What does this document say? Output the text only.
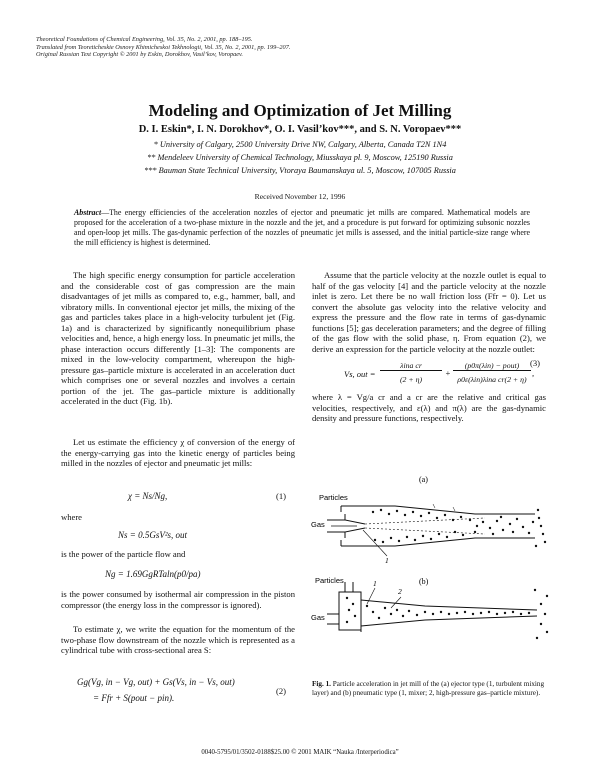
Theoretical Foundations of Chemical Engineering, Vol. 35, No. 2, 2001, pp. 188–195.
Translated from Teoreticheskie Osnovy Khimicheskoi Tekhnologii, Vol. 35, No. 2, 2001, pp. 199–207.
Original Russian Text Copyright © 2001 by Eskin, Dorokhov, Vasil’kov, Voropaev.
Modeling and Optimization of Jet Milling
D. I. Eskin*, I. N. Dorokhov*, O. I. Vasil’kov***, and S. N. Voropaev***
* University of Calgary, 2500 University Drive NW, Calgary, Alberta, Canada T2N 1N4
** Mendeleev University of Chemical Technology, Miusskaya pl. 9, Moscow, 125190 Russia
*** Bauman State Technical University, Vtoraya Baumanskaya ul. 5, Moscow, 107005 Russia
Received November 12, 1996
Abstract—The energy efficiencies of the acceleration nozzles of ejector and pneumatic jet mills are compared. Mathematical models are proposed for the acceleration of a two-phase mixture in the nozzle and the jet, and a procedure is put forward for optimizing subsonic nozzles and open-loop jet mills. The gas-dynamic perfection of the nozzles of pneumatic jet mills is assessed, and the initial particle-size range where the mill efficiency is highest is determined.

The high specific energy consumption for particle acceleration and the considerable cost of gas compression are the main disadvantages of jet mills as compared to, e.g., hammer, ball, and vibratory mills. In conventional ejector jet mills, the mixing of the gas and particles takes place in a high-velocity turbulent jet (Fig. 1a) and is characterized by significantly nonequilibrium phase velocities and, hence, a high energy loss. In pneumatic jet mills, the phase interaction occurs differently [1–3]: The components are mixed in the low-velocity compartment, whereupon the high-pressure gas–particle mixture is accelerated in an acceleration duct which comprises one or several nozzles and involves a certain portion of the jet. The gas–particle mixture is additionally accelerated in the duct (Fig. 1b).

Let us estimate the efficiency χ of conversion of the energy of the energy-carrying gas into the kinetic energy of particles being milled in the nozzles of ejector and pneumatic jet mills:

χ = Ns/Ng,	(1)
where
Ns = 0.5GsV²s, out
is the power of the particle flow and
Ng = 1.69GgRTaln(p0/pa)
is the power consumed by isothermal air compression in the piston compressor (the energy loss in the compressor is ignored).

To estimate χ, we write the equation for the momentum of the two-phase flow downstream of the nozzle which is represented as a cylindrical tube with cross-sectional area S:

Gg(Vg, in − Vg, out) + Gs(Vs, in − Vs, out)
= Ffr + S(pout − pin).
(2)

Assume that the particle velocity at the nozzle outlet is equal to half of the gas velocity [4] and the particle velocity at the nozzle inlet is zero. Let there be no wall friction loss (Ffr = 0). Let us convert the absolute gas velocity into the relative velocity and express the pressure and the flow rate in terms of gas-dynamic functions [5]; gas deceleration parameters; and the degree of filling of the gas flow with the solid phase, η. From equation (2), we derive an expression for the particle velocity at the nozzle outlet:

Vs, out =
λina cr
(2 + η)
+
(p0π(λin) − pout)
ρ0ε(λin)λina cr(2 + η)
,
(3)
where λ = Vg/a cr and a cr are the relative and critical gas velocities, respectively, and ε(λ) and π(λ) are the gas-dynamic density and pressure functions, respectively.
(a)
Particles
Gas
1
(b)
Particles
Gas
1
2
Fig. 1. Particle acceleration in jet mill of the (a) ejector type (1, turbulent mixing layer) and (b) pneumatic type (1, mixer; 2, high-pressure gas–particle mixture).
0040-5795/01/3502-0188$25.00 © 2001 MAIK “Nauka /Interperiodica”
